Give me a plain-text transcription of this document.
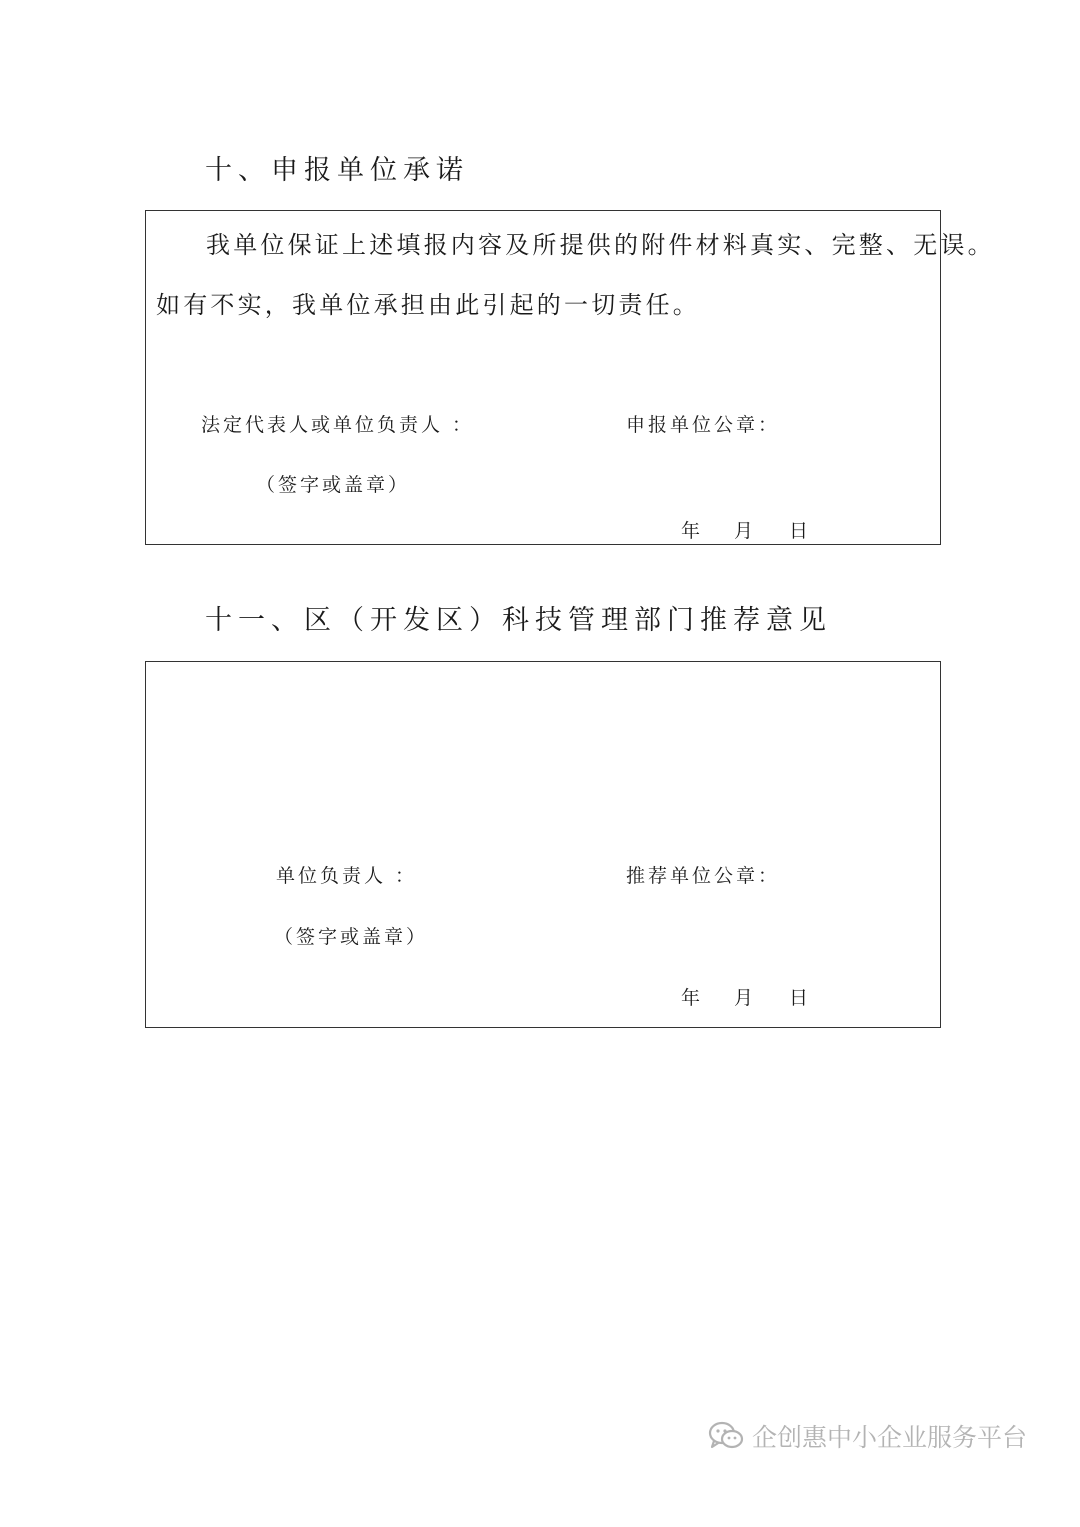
十、申报单位承诺
我单位保证上述填报内容及所提供的附件材料真实、完整、无误。
如有不实，我单位承担由此引起的一切责任。
法定代表人或单位负责人 ：	申报单位公章：
（签字或盖章）
年 月 日
十一、区（开发区）科技管理部门推荐意见
单位负责人 ：	推荐单位公章：
（签字或盖章）
年 月 日
企创惠中小企业服务平台
